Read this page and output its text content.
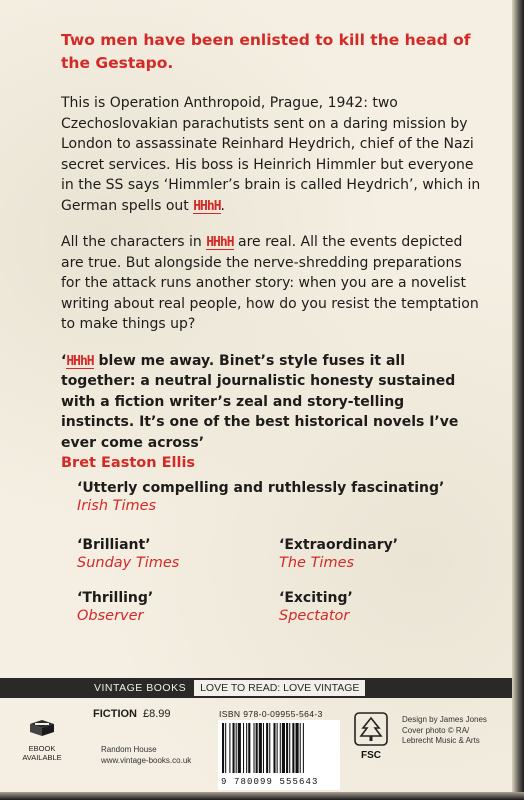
Two men have been enlisted to kill the head of the Gestapo.

This is Operation Anthropoid, Prague, 1942: two Czechoslovakian parachutists sent on a daring mission by London to assassinate Reinhard Heydrich, chief of the Nazi secret services. His boss is Heinrich Himmler but everyone in the SS says ‘Himmler’s brain is called Heydrich’, which in German spells out HHhH.

All the characters in HHhH are real. All the events depicted are true. But alongside the nerve-shredding preparations for the attack runs another story: when you are a novelist writing about real people, how do you resist the temptation to make things up?

‘HHhH blew me away. Binet’s style fuses it all together: a neutral journalistic honesty sustained with a fiction writer’s zeal and story-telling instincts. It’s one of the best historical novels I’ve ever come across’

Bret Easton Ellis
‘Utterly compelling and ruthlessly fascinating’
Irish Times
‘Brilliant’
Sunday Times
‘Extraordinary’
The Times
‘Thrilling’
Observer
‘Exciting’
Spectator
VINTAGE BOOKS	LOVE TO READ: LOVE VINTAGE
EBOOK
AVAILABLE
FICTION £8.99
Random House
www.vintage-books.co.uk
ISBN 978-0-09955-564-3
9 780099 555643
FSC
Design by James Jones
Cover photo © RA/
Lebrecht Music & Arts
